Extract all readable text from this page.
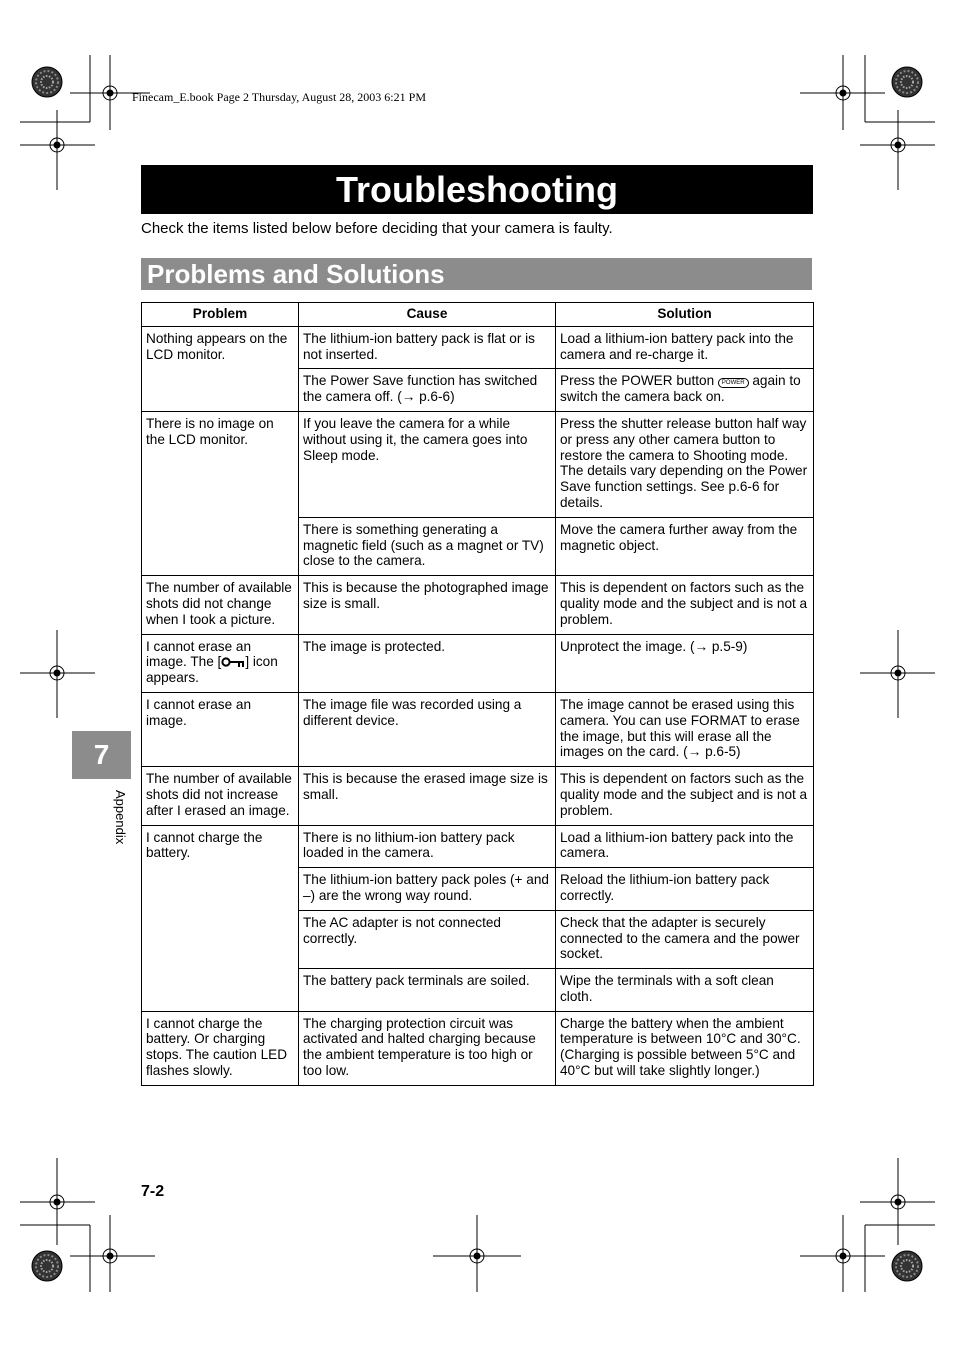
Finecam_E.book Page 2 Thursday, August 28, 2003 6:21 PM
Troubleshooting
Check the items listed below before deciding that your camera is faulty.
Problems and Solutions
Problem	Cause	Solution
Nothing appears on the LCD monitor.	The lithium-ion battery pack is flat or is not inserted.	Load a lithium-ion battery pack into the camera and re-charge it.
	The Power Save function has switched the camera off. (→ p.6-6)	Press the POWER button POWER again to switch the camera back on.
There is no image on the LCD monitor.	If you leave the camera for a while without using it, the camera goes into Sleep mode.	Press the shutter release button half way or press any other camera button to restore the camera to Shooting mode. The details vary depending on the Power Save function settings. See p.6-6 for details.
	There is something generating a magnetic field (such as a magnet or TV) close to the camera.	Move the camera further away from the magnetic object.
The number of available shots did not change when I took a picture.	This is because the photographed image size is small.	This is dependent on factors such as the quality mode and the subject and is not a problem.
I cannot erase an image. The [ ] icon appears.	The image is protected.	Unprotect the image. (→ p.5-9)
I cannot erase an image.	The image file was recorded using a different device.	The image cannot be erased using this camera. You can use FORMAT to erase the image, but this will erase all the images on the card. (→ p.6-5)
The number of available shots did not increase after I erased an image.	This is because the erased image size is small.	This is dependent on factors such as the quality mode and the subject and is not a problem.
I cannot charge the battery.	There is no lithium-ion battery pack loaded in the camera.	Load a lithium-ion battery pack into the camera.
	The lithium-ion battery pack poles (+ and –) are the wrong way round.	Reload the lithium-ion battery pack correctly.
	The AC adapter is not connected correctly.	Check that the adapter is securely connected to the camera and the power socket.
	The battery pack terminals are soiled.	Wipe the terminals with a soft clean cloth.
I cannot charge the battery. Or charging stops. The caution LED flashes slowly.	The charging protection circuit was activated and halted charging because the ambient temperature is too high or too low.	Charge the battery when the ambient temperature is between 10°C and 30°C. (Charging is possible between 5°C and 40°C but will take slightly longer.)
7
Appendix
7-2
